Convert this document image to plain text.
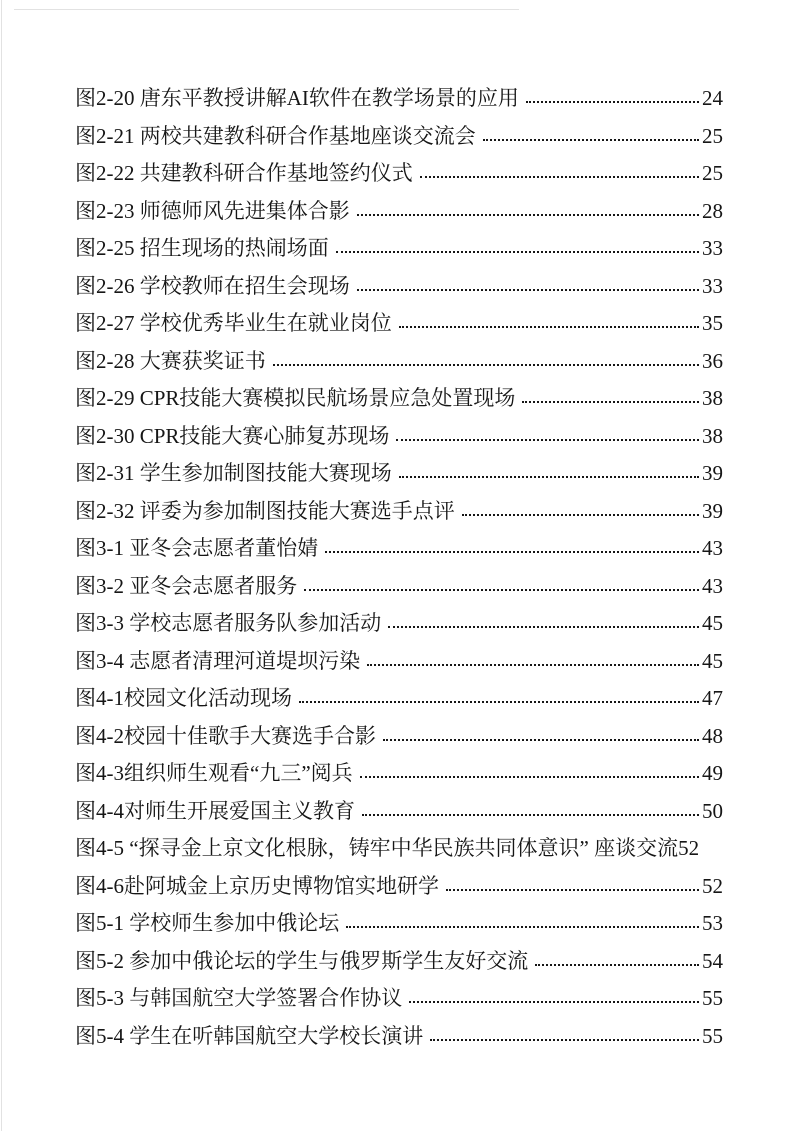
图2-20 唐东平教授讲解AI软件在教学场景的应用	24
图2-21 两校共建教科研合作基地座谈交流会	25
图2-22 共建教科研合作基地签约仪式	25
图2-23 师德师风先进集体合影	28
图2-25 招生现场的热闹场面	33
图2-26 学校教师在招生会现场	33
图2-27 学校优秀毕业生在就业岗位	35
图2-28 大赛获奖证书	36
图2-29 CPR技能大赛模拟民航场景应急处置现场	38
图2-30 CPR技能大赛心肺复苏现场	38
图2-31 学生参加制图技能大赛现场	39
图2-32 评委为参加制图技能大赛选手点评	39
图3-1 亚冬会志愿者董怡婧	43
图3-2 亚冬会志愿者服务	43
图3-3 学校志愿者服务队参加活动	45
图3-4 志愿者清理河道堤坝污染	45
图4-1校园文化活动现场	47
图4-2校园十佳歌手大赛选手合影	48
图4-3组织师生观看“九三”阅兵	49
图4-4对师生开展爱国主义教育	50
图4-5 “探寻金上京文化根脉，铸牢中华民族共同体意识” 座谈交流 52
图4-6赴阿城金上京历史博物馆实地研学	52
图5-1 学校师生参加中俄论坛	53
图5-2 参加中俄论坛的学生与俄罗斯学生友好交流	54
图5-3 与韩国航空大学签署合作协议	55
图5-4 学生在听韩国航空大学校长演讲	55
